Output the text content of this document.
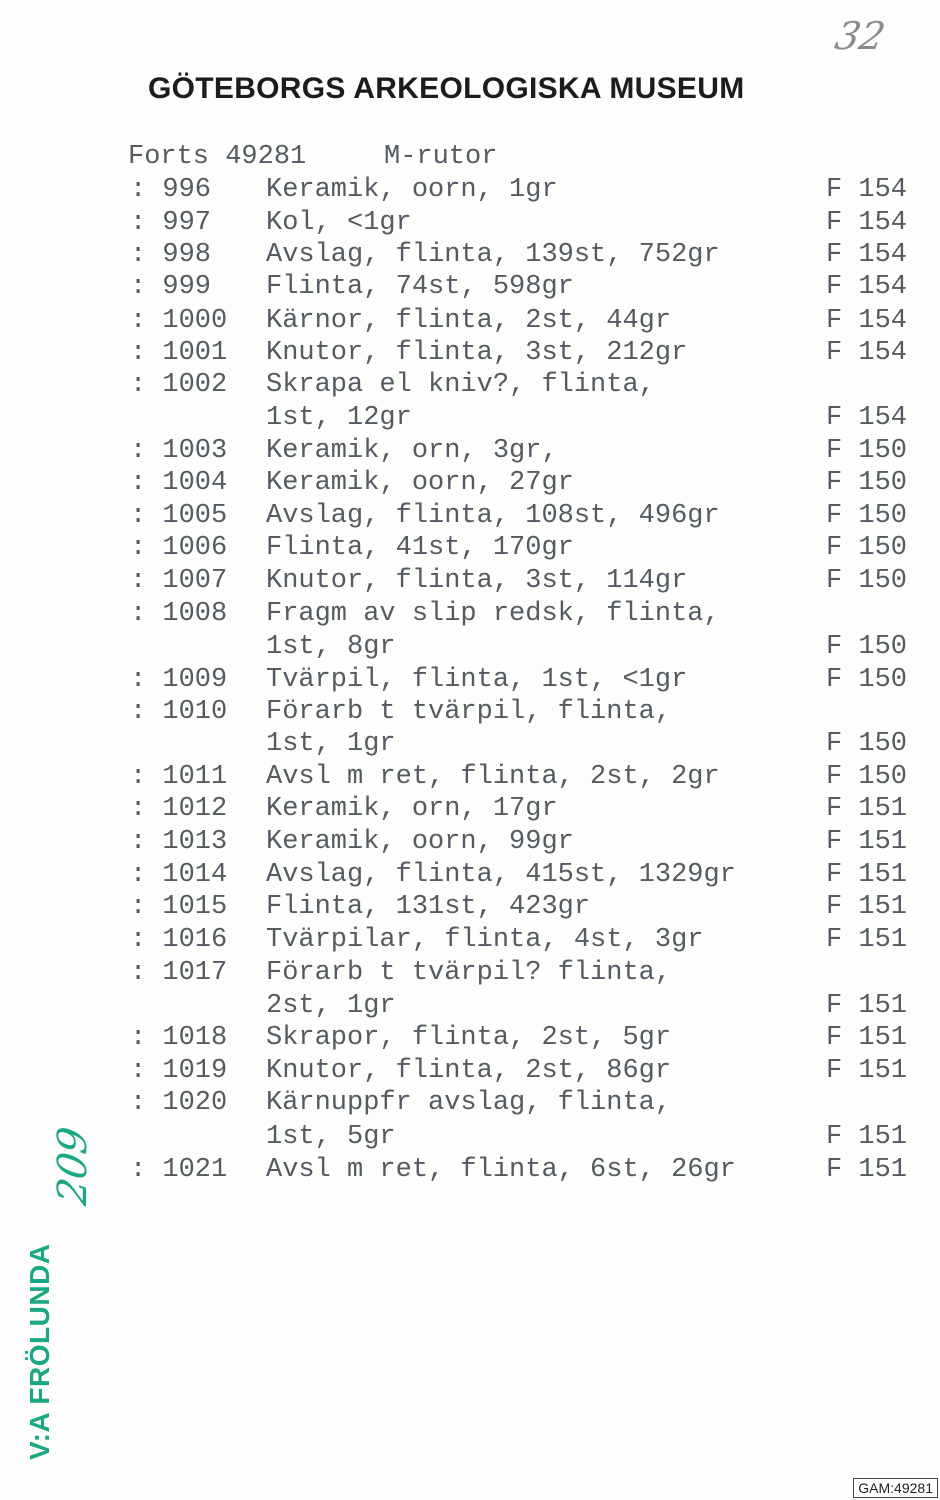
32
GÖTEBORGS ARKEOLOGISKA MUSEUM

Forts 49281

	M-rutor

: 996 Keramik, oorn, 1gr	F 154
: 997 Kol, <1gr	F 154
: 998 Avslag, flinta, 139st, 752gr	F 154
: 999 Flinta, 74st, 598gr	F 154
: 1000 Kärnor, flinta, 2st, 44gr	F 154
: 1001 Knutor, flinta, 3st, 212gr	F 154
: 1002 Skrapa el kniv?, flinta,
1st, 12gr	F 154
: 1003 Keramik, orn, 3gr,	F 150
: 1004 Keramik, oorn, 27gr	F 150
: 1005 Avslag, flinta, 108st, 496gr	F 150
: 1006 Flinta, 41st, 170gr	F 150
: 1007 Knutor, flinta, 3st, 114gr	F 150
: 1008 Fragm av slip redsk, flinta,
1st, 8gr	F 150
: 1009 Tvärpil, flinta, 1st, <1gr	F 150
: 1010 Förarb t tvärpil, flinta,
1st, 1gr	F 150
: 1011 Avsl m ret, flinta, 2st, 2gr	F 150
: 1012 Keramik, orn, 17gr	F 151
: 1013 Keramik, oorn, 99gr	F 151
: 1014 Avslag, flinta, 415st, 1329gr	F 151
: 1015 Flinta, 131st, 423gr	F 151
: 1016 Tvärpilar, flinta, 4st, 3gr	F 151
: 1017 Förarb t tvärpil? flinta,
2st, 1gr	F 151
: 1018 Skrapor, flinta, 2st, 5gr	F 151
: 1019 Knutor, flinta, 2st, 86gr	F 151
: 1020 Kärnuppfr avslag, flinta,
1st, 5gr	F 151
: 1021 Avsl m ret, flinta, 6st, 26gr	F 151
209
V:A FRÖLUNDA
GAM:49281
